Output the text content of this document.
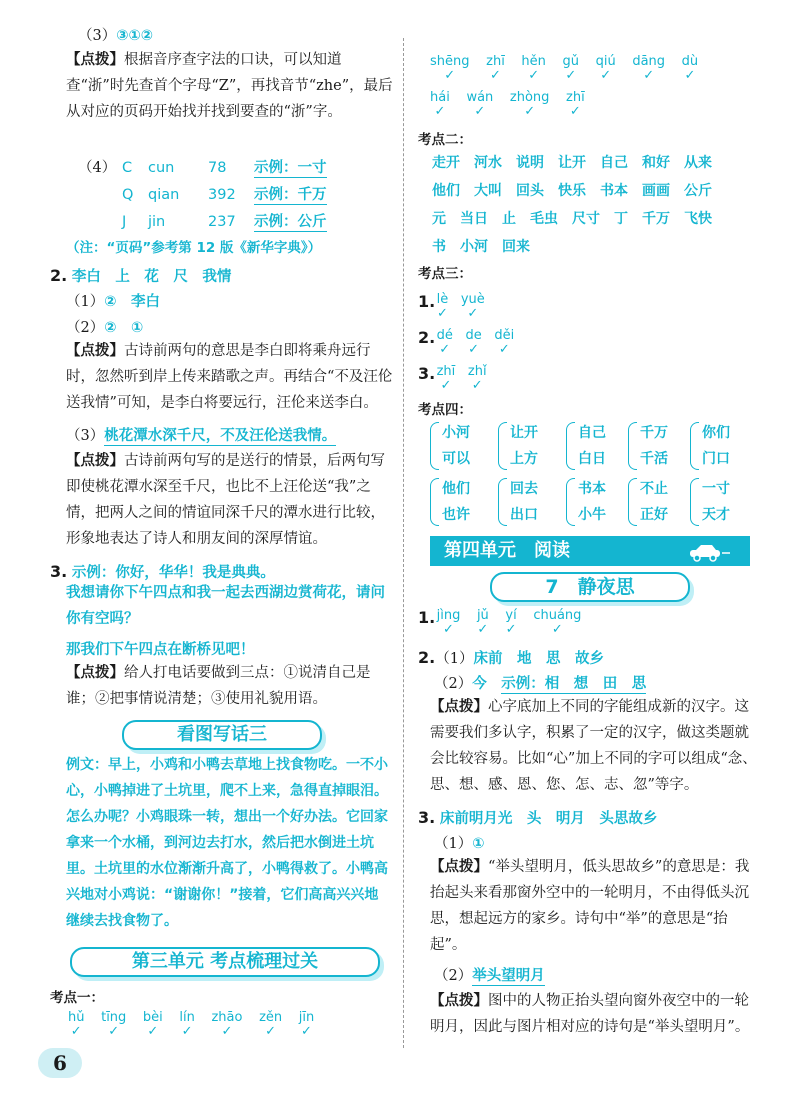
（3）③①②
【点拨】根据音序查字法的口诀，可以知道查“浙”时先查首个字母“Z”，再找音节“zhe”，最后从对应的页码开始找并找到要查的“浙”字。
（4） C cun 78 示例：一寸
Q qian 392 示例：千万
J jin	237 示例：公斤
（注：“页码”参考第 12 版《新华字典》）
2. 李白　上　花　尺　我情
（1）②　李白
（2）②　①
【点拨】古诗前两句的意思是李白即将乘舟远行时，忽然听到岸上传来踏歌之声。再结合“不及汪伦送我情”可知，是李白将要远行，汪伦来送李白。
（3）桃花潭水深千尺，不及汪伦送我情。
【点拨】古诗前两句写的是送行的情景，后两句写即使桃花潭水深至千尺，也比不上汪伦送“我”之情，把两人之间的情谊同深千尺的潭水进行比较，形象地表达了诗人和朋友间的深厚情谊。
3. 示例：你好，华华！我是典典。
我想请你下午四点和我一起去西湖边赏荷花，请问你有空吗？
那我们下午四点在断桥见吧！
【点拨】给人打电话要做到三点：①说清自己是谁；②把事情说清楚；③使用礼貌用语。
看图写话三
例文：早上，小鸡和小鸭去草地上找食物吃。一不小心，小鸭掉进了土坑里，爬不上来，急得直掉眼泪。怎么办呢？小鸡眼珠一转，想出一个好办法。它回家拿来一个水桶，到河边去打水，然后把水倒进土坑里。土坑里的水位渐渐升高了，小鸭得救了。小鸭高兴地对小鸡说：“谢谢你！”接着，它们高高兴兴地继续去找食物了。
第三单元 考点梳理过关
考点一：
hǔ
✓
tīng
✓
bèi
✓
lín
✓
zhāo
✓
zěn
✓
jīn
✓
shēng
✓
zhī
✓
hěn
✓
gǔ
✓
qiú
✓
dāng
✓
dù
✓
hái
✓
wán
✓
zhòng
✓
zhī
✓
考点二：
走开　河水　说明　让开　自己　和好　从来
他们　大叫　回头　快乐　书本　画画　公斤
元　当日　止　毛虫　尺寸　丁　千万　飞快
书　小河　回来
考点三：
1. lè
✓
yuè
✓
2. dé
✓
de
✓
děi
✓
3. zhī
✓
zhǐ
✓
考点四：
小河
可以
让开
上方
自己
白日
千万
千活
你们
门口
他们
也许
回去
出口
书本
小牛
不止
正好
一寸
天才
第四单元　阅读
7　静夜思
1. jìng
✓
jǔ
✓
yí
✓
chuáng
✓
2.（1）床前　地　思　故乡
（2）今　 示例：相　想　田　思
【点拨】心字底加上不同的字能组成新的汉字。这需要我们多认字，积累了一定的汉字，做这类题就会比较容易。比如“心”加上不同的字可以组成“念、思、想、感、恩、您、怎、志、忽”等字。
3. 床前明月光　头　明月　头思故乡
（1）①
【点拨】“举头望明月，低头思故乡”的意思是：我抬起头来看那窗外空中的一轮明月，不由得低头沉思，想起远方的家乡。诗句中“举”的意思是“抬起”。
（2）举头望明月
【点拨】图中的人物正抬头望向窗外夜空中的一轮明月，因此与图片相对应的诗句是“举头望明月”。
6
